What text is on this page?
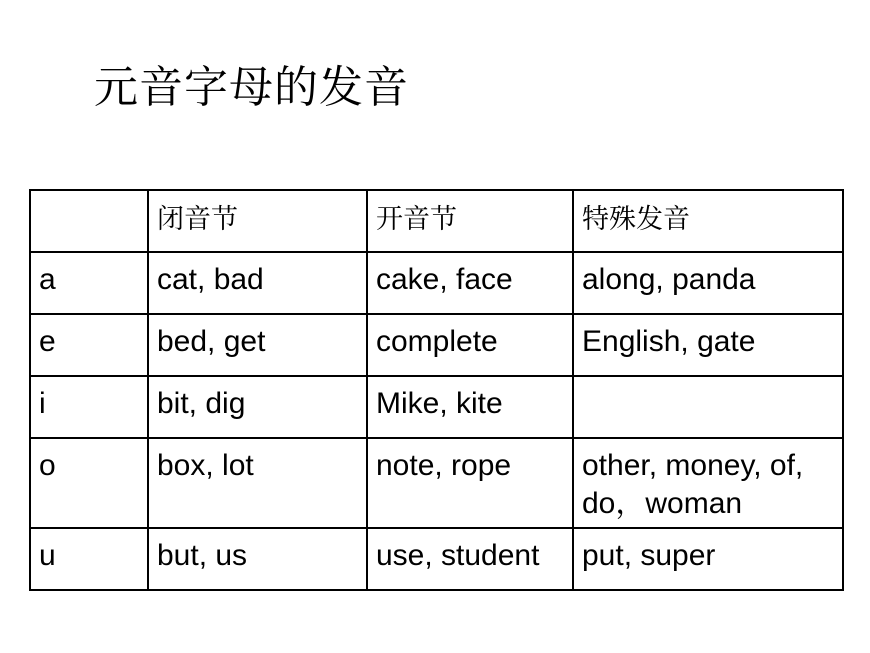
元音字母的发音
	闭音节	开音节	特殊发音
a	cat, bad	cake, face	along, panda
e	bed, get	complete	English, gate
i	bit, dig	Mike, kite	
o	box, lot	note, rope	other, money, of,
do，woman

u	but, us	use, student	put, super
